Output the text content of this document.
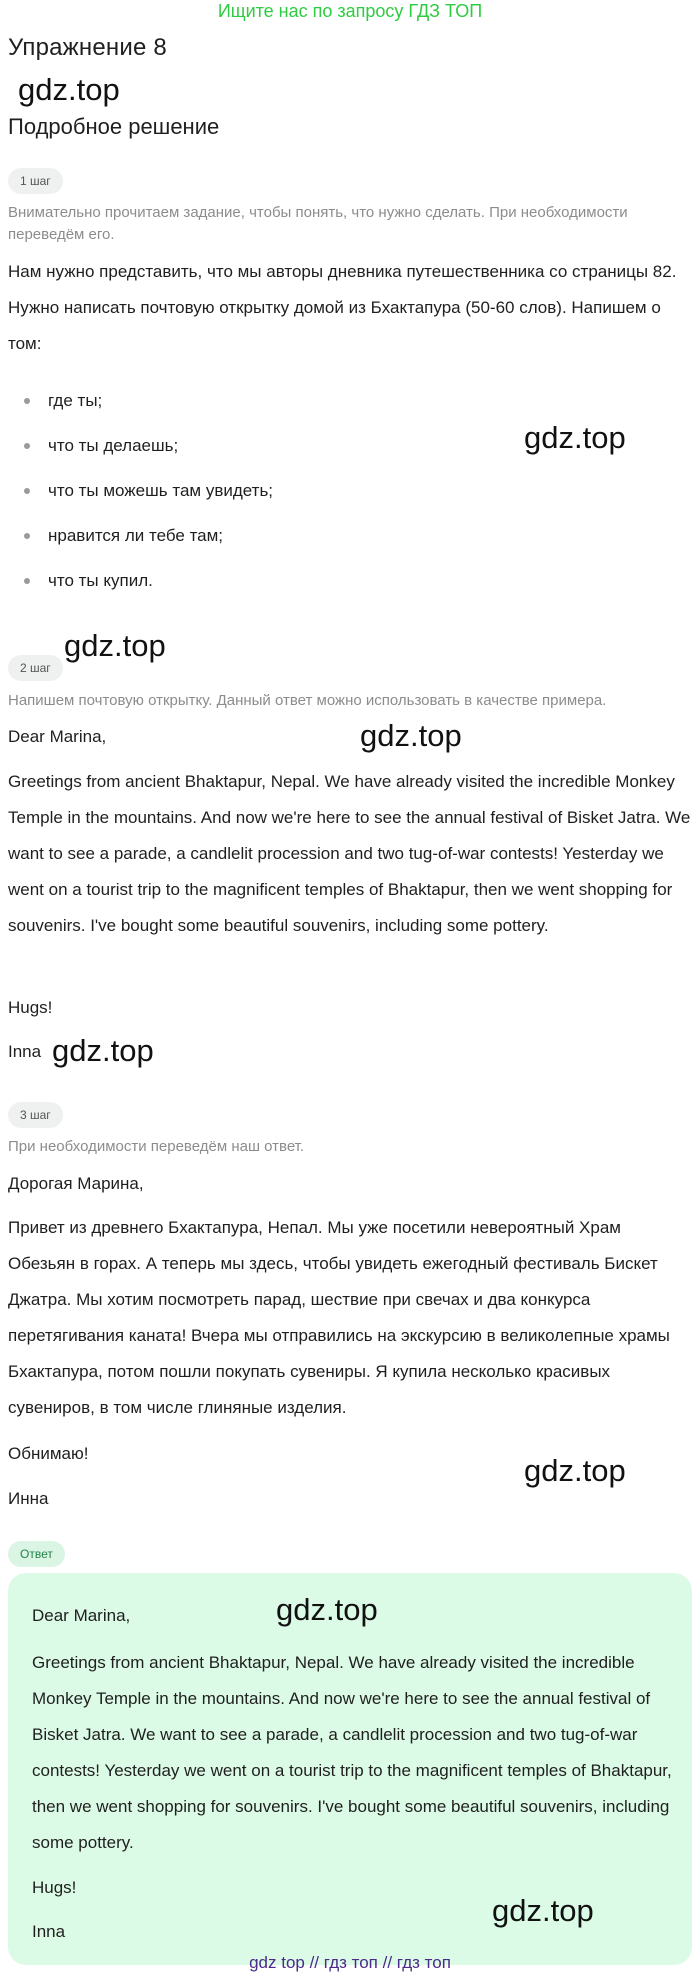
Ищите нас по запросу ГДЗ ТОП
Упражнение 8
gdz.top
Подробное решение
1 шаг
Внимательно прочитаем задание, чтобы понять, что нужно сделать. При необходимости переведём его.
Нам нужно представить, что мы авторы дневника путешественника со страницы 82. Нужно написать почтовую открытку домой из Бхактапура (50-60 слов). Напишем о том:
где ты;
что ты делаешь;
что ты можешь там увидеть;
нравится ли тебе там;
что ты купил.
gdz.top
gdz.top
2 шаг
Напишем почтовую открытку. Данный ответ можно использовать в качестве примера.
Dear Marina,	gdz.top
Greetings from ancient Bhaktapur, Nepal. We have already visited the incredible Monkey Temple in the mountains. And now we're here to see the annual festival of Bisket Jatra. We want to see a parade, a candlelit procession and two tug-of-war contests! Yesterday we went on a tourist trip to the magnificent temples of Bhaktapur, then we went shopping for souvenirs. I've bought some beautiful souvenirs, including some pottery.
Hugs!
Inna gdz.top
3 шаг
При необходимости переведём наш ответ.
Дорогая Марина,
Привет из древнего Бхактапура, Непал. Мы уже посетили невероятный Храм Обезьян в горах. А теперь мы здесь, чтобы увидеть ежегодный фестиваль Бискет Джатра. Мы хотим посмотреть парад, шествие при свечах и два конкурса перетягивания каната! Вчера мы отправились на экскурсию в великолепные храмы Бхактапура, потом пошли покупать сувениры. Я купила несколько красивых сувениров, в том числе глиняные изделия.
Обнимаю!	gdz.top
Инна
Ответ
Dear Marina,	gdz.top
Greetings from ancient Bhaktapur, Nepal. We have already visited the incredible Monkey Temple in the mountains. And now we're here to see the annual festival of Bisket Jatra. We want to see a parade, a candlelit procession and two tug-of-war contests! Yesterday we went on a tourist trip to the magnificent temples of Bhaktapur, then we went shopping for souvenirs. I've bought some beautiful souvenirs, including some pottery.
Hugs!
gdz.top
Inna
gdz top // гдз топ // гдз топ
